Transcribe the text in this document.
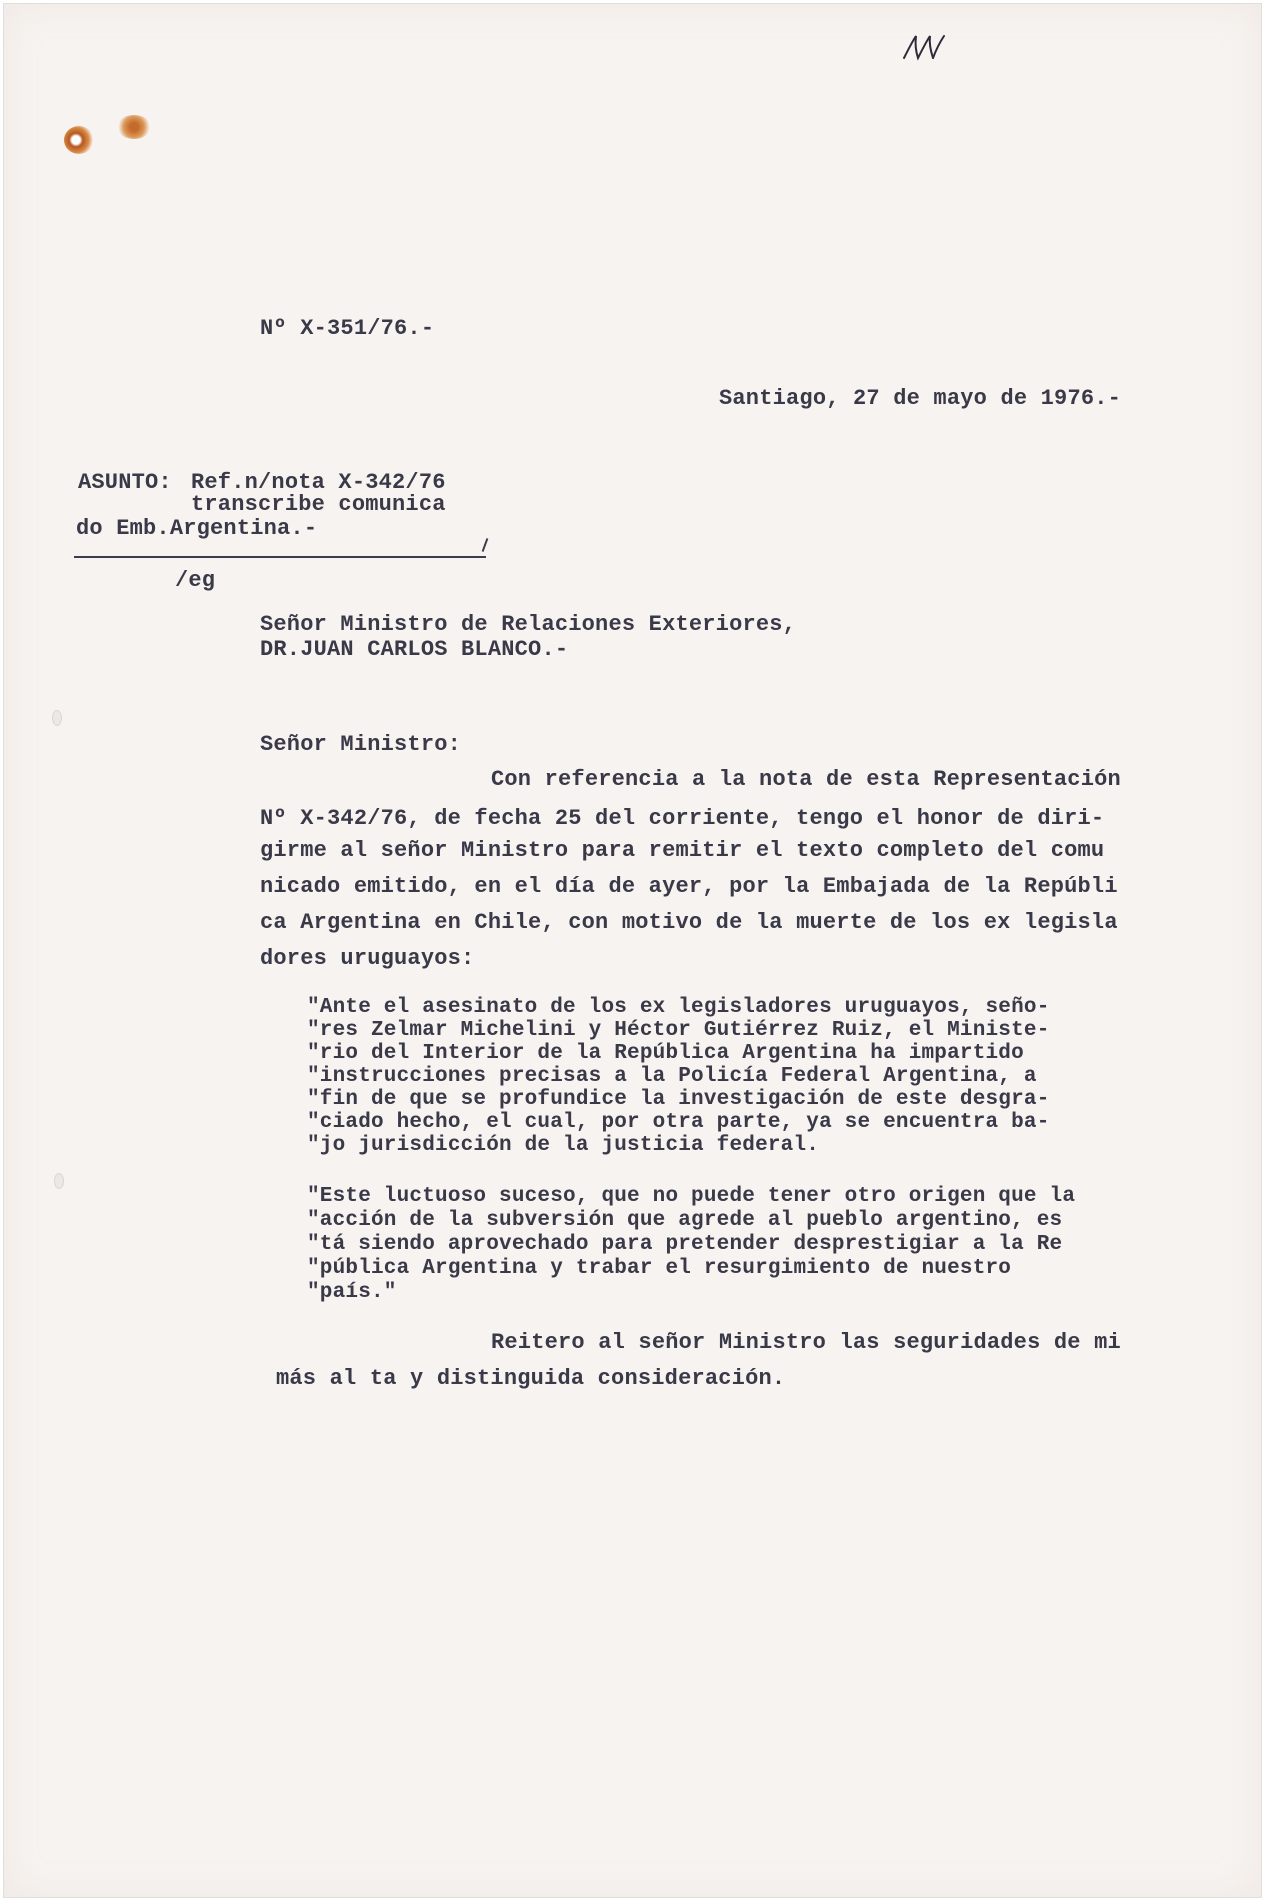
Nº X-351/76.-
Santiago, 27 de mayo de 1976.-
ASUNTO: Ref.n/nota X-342/76
transcribe comunica
do Emb.Argentina.-
/eg
Señor Ministro de Relaciones Exteriores,
DR.JUAN CARLOS BLANCO.-
Señor Ministro:
Con referencia a la nota de esta Representación
Nº X-342/76, de fecha 25 del corriente, tengo el honor de diri-
girme al señor Ministro para remitir el texto completo del comu
nicado emitido, en el día de ayer, por la Embajada de la Repúbli
ca Argentina en Chile, con motivo de la muerte de los ex legisla
dores uruguayos:
"Ante el asesinato de los ex legisladores uruguayos, seño-
"res Zelmar Michelini y Héctor Gutiérrez Ruiz, el Ministe-
"rio del Interior de la República Argentina ha impartido
"instrucciones precisas a la Policía Federal Argentina, a
"fin de que se profundice la investigación de este desgra-
"ciado hecho, el cual, por otra parte, ya se encuentra ba-
"jo jurisdicción de la justicia federal.
"Este luctuoso suceso, que no puede tener otro origen que la
"acción de la subversión que agrede al pueblo argentino, es
"tá siendo aprovechado para pretender desprestigiar a la Re
"pública Argentina y trabar el resurgimiento de nuestro
"país."
Reitero al señor Ministro las seguridades de mi
más al ta y distinguida consideración.
